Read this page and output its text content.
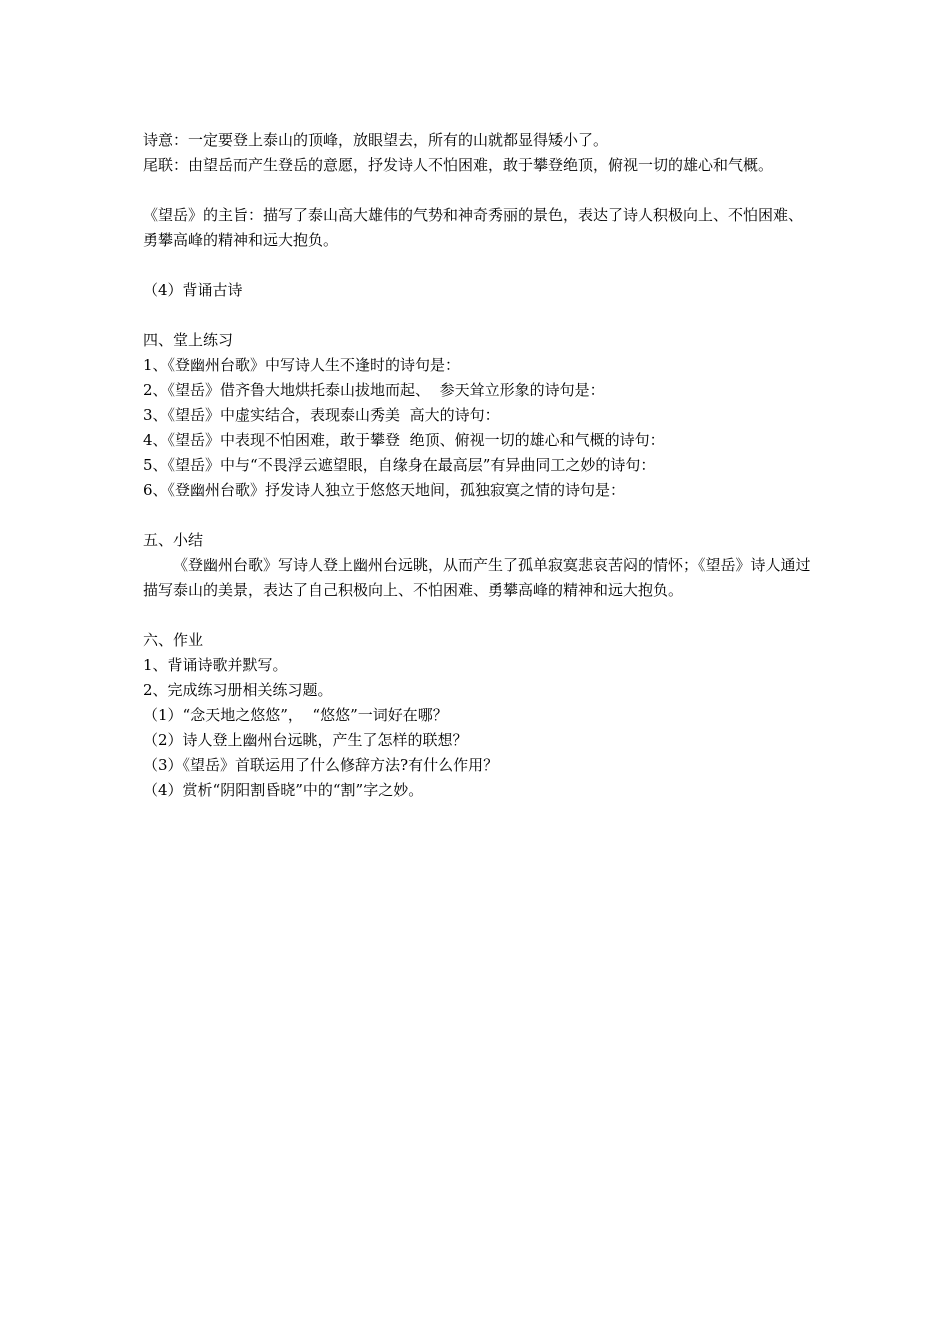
诗意：一定要登上泰山的顶峰，放眼望去，所有的山就都显得矮小了。

尾联：由望岳而产生登岳的意愿，抒发诗人不怕困难，敢于攀登绝顶，俯视一切的雄心和气概。

《望岳》的主旨：描写了泰山高大雄伟的气势和神奇秀丽的景色，表达了诗人积极向上、不怕困难、勇攀高峰的精神和远大抱负。

（4）背诵古诗

四、堂上练习

1、《登幽州台歌》中写诗人生不逢时的诗句是：

2、《望岳》借齐鲁大地烘托泰山拔地而起、  参天耸立形象的诗句是：

3、《望岳》中虚实结合，表现泰山秀美  高大的诗句：

4、《望岳》中表现不怕困难，敢于攀登  绝顶、俯视一切的雄心和气概的诗句：

5、《望岳》中与“不畏浮云遮望眼，自缘身在最高层”有异曲同工之妙的诗句：

6、《登幽州台歌》抒发诗人独立于悠悠天地间，孤独寂寞之情的诗句是：

五、小结

《登幽州台歌》写诗人登上幽州台远眺，从而产生了孤单寂寞悲哀苦闷的情怀；《望岳》诗人通过描写泰山的美景，表达了自己积极向上、不怕困难、勇攀高峰的精神和远大抱负。

六、作业

1、背诵诗歌并默写。

2、完成练习册相关练习题。

（1）“念天地之悠悠”，  “悠悠”一词好在哪？

（2）诗人登上幽州台远眺，产生了怎样的联想？

（3）《望岳》首联运用了什么修辞方法?有什么作用？

（4）赏析“阴阳割昏晓”中的“割”字之妙。
